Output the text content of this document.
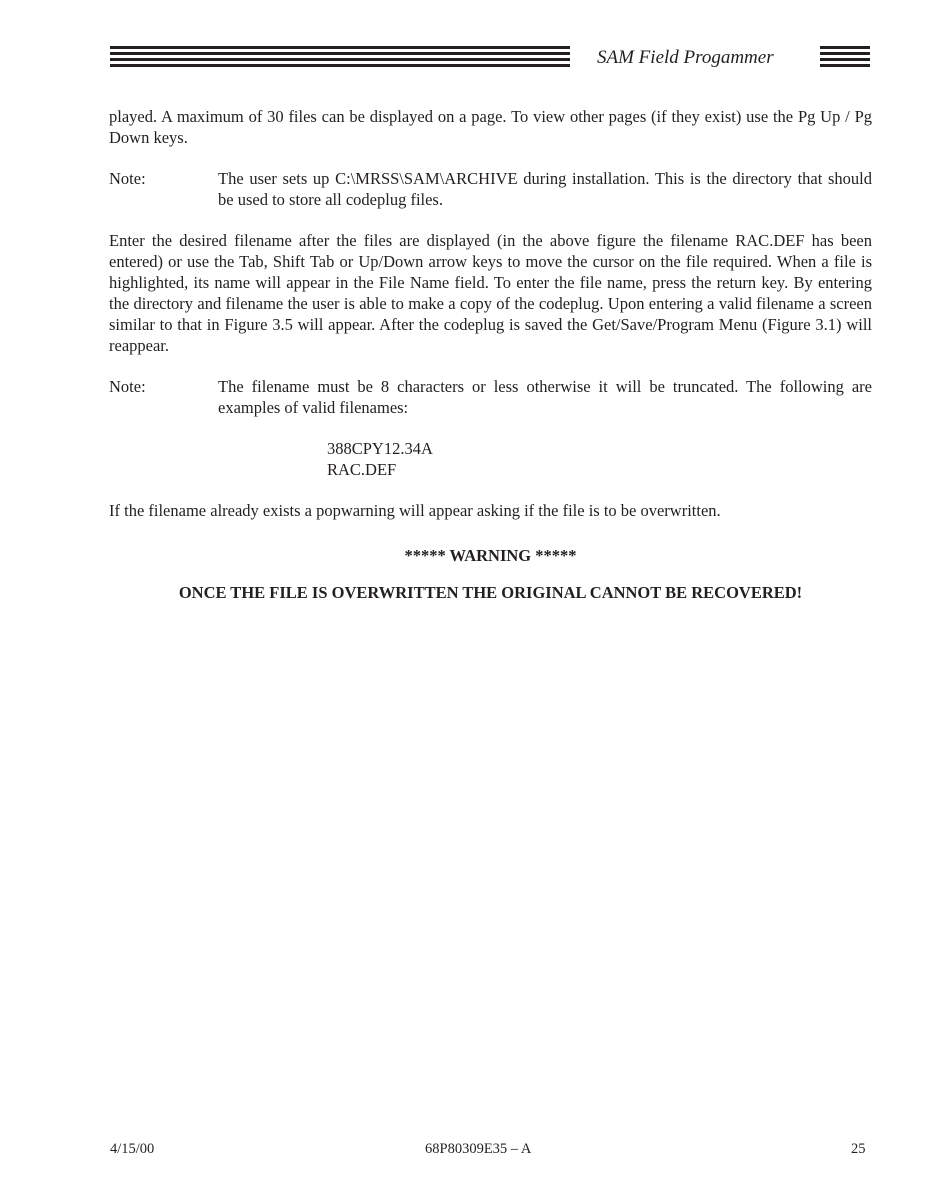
SAM Field Progammer

played. A maximum of 30 files can be displayed on a page. To view other pages (if they exist) use the Pg Up / Pg Down keys.

Note:	The user sets up C:\MRSS\SAM\ARCHIVE during installation. This is the directory that should be used to store all codeplug files.

Enter the desired filename after the files are displayed (in the above figure the filename RAC.DEF has been entered) or use the Tab, Shift Tab or Up/Down arrow keys to move the cursor on the file required. When a file is highlighted, its name will appear in the File Name field. To enter the file name, press the return key. By entering the directory and filename the user is able to make a copy of the codeplug. Upon entering a valid filename a screen similar to that in Figure 3.5 will appear. After the codeplug is saved the Get/Save/Program Menu (Figure 3.1) will reappear.

Note:	The filename must be 8 characters or less otherwise it will be truncated. The following are examples of valid filenames:

388CPY12.34A

RAC.DEF

If the filename already exists a popwarning will appear asking if the file is to be overwritten.

***** WARNING *****

ONCE THE FILE IS OVERWRITTEN THE ORIGINAL CANNOT BE RECOVERED!

4/15/00	68P80309E35 – A	25
